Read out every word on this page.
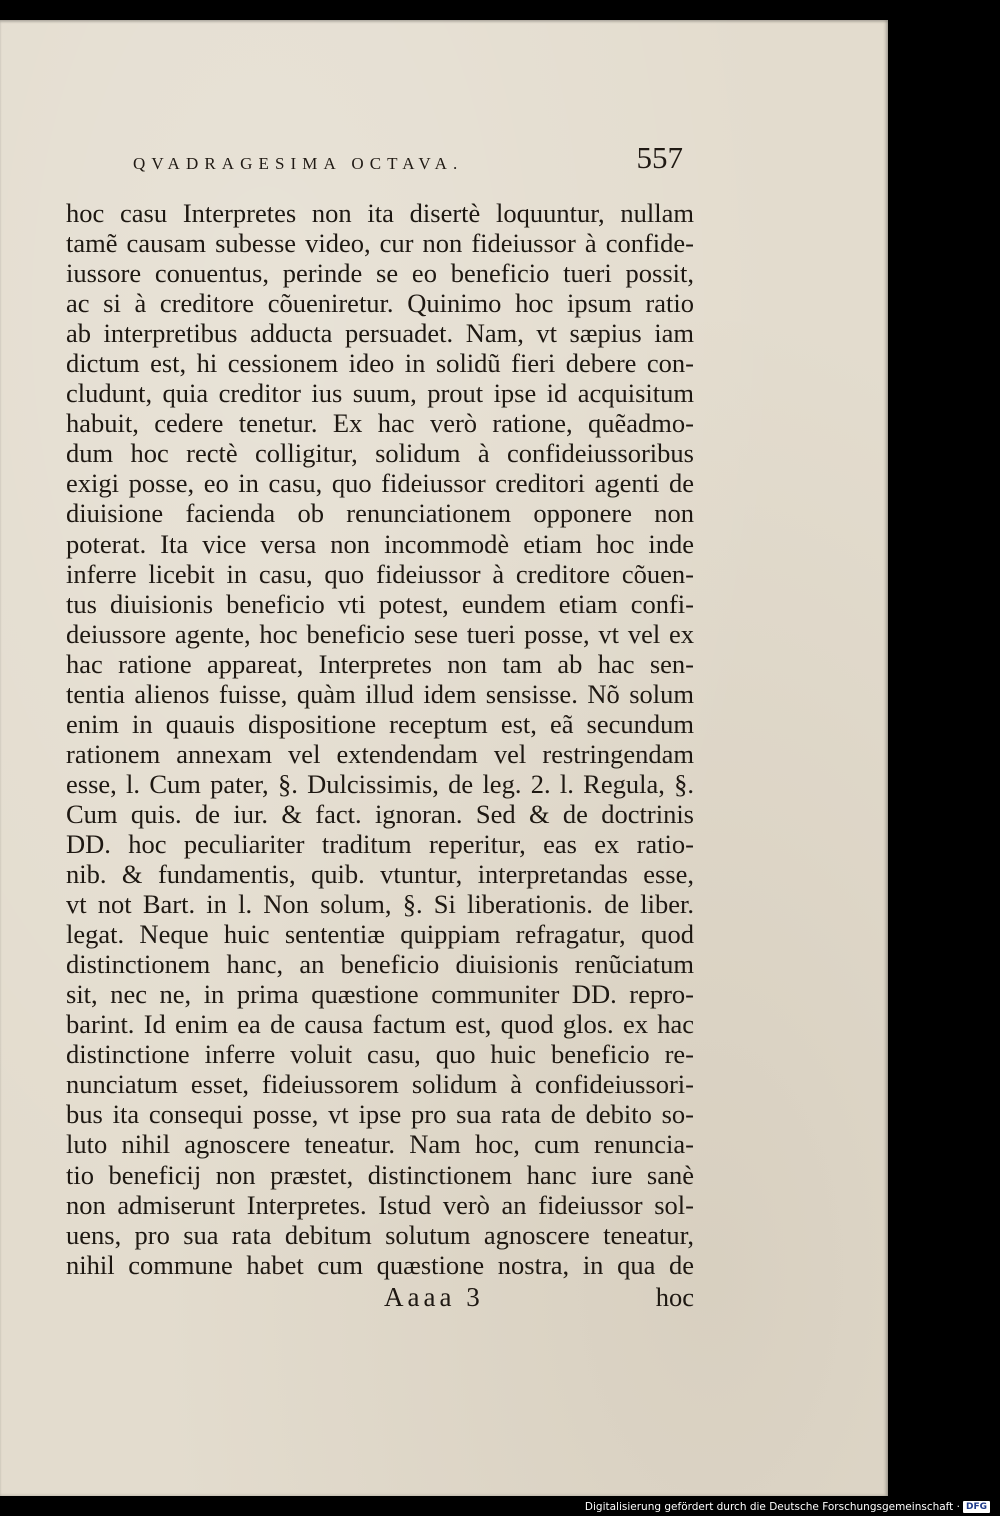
QVADRAGESIMA OCTAVA.	557
hoc casu Interpretes non ita disertè loquuntur, nullam
tamẽ causam subesse video, cur non fideiussor à confide-
iussore conuentus, perinde se eo beneficio tueri possit,
ac si à creditore cõueniretur. Quinimo hoc ipsum ratio
ab interpretibus adducta persuadet. Nam, vt sæpius iam
dictum est, hi cessionem ideo in solidũ fieri debere con-
cludunt, quia creditor ius suum, prout ipse id acquisitum
habuit, cedere tenetur. Ex hac verò ratione, quẽadmo-
dum hoc rectè colligitur, solidum à confideiussoribus
exigi posse, eo in casu, quo fideiussor creditori agenti de
diuisione facienda ob renunciationem opponere non
poterat. Ita vice versa non incommodè etiam hoc inde
inferre licebit in casu, quo fideiussor à creditore cõuen-
tus diuisionis beneficio vti potest, eundem etiam confi-
deiussore agente, hoc beneficio sese tueri posse, vt vel ex
hac ratione appareat, Interpretes non tam ab hac sen-
tentia alienos fuisse, quàm illud idem sensisse. Nõ solum
enim in quauis dispositione receptum est, eã secundum
rationem annexam vel extendendam vel restringendam
esse, l. Cum pater, §. Dulcissimis, de leg. 2. l. Regula, §.
Cum quis. de iur. & fact. ignoran. Sed & de doctrinis
DD. hoc peculiariter traditum reperitur, eas ex ratio-
nib. & fundamentis, quib. vtuntur, interpretandas esse,
vt not Bart. in l. Non solum, §. Si liberationis. de liber.
legat. Neque huic sententiæ quippiam refragatur, quod
distinctionem hanc, an beneficio diuisionis renũciatum
sit, nec ne, in prima quæstione communiter DD. repro-
barint. Id enim ea de causa factum est, quod glos. ex hac
distinctione inferre voluit casu, quo huic beneficio re-
nunciatum esset, fideiussorem solidum à confideiussori-
bus ita consequi posse, vt ipse pro sua rata de debito so-
luto nihil agnoscere teneatur. Nam hoc, cum renuncia-
tio beneficij non præstet, distinctionem hanc iure sanè
non admiserunt Interpretes. Istud verò an fideiussor sol-
uens, pro sua rata debitum solutum agnoscere teneatur,
nihil commune habet cum quæstione nostra, in qua de
Aaaa 3	hoc
Digitalisierung gefördert durch die Deutsche Forschungsgemeinschaft · DFG
